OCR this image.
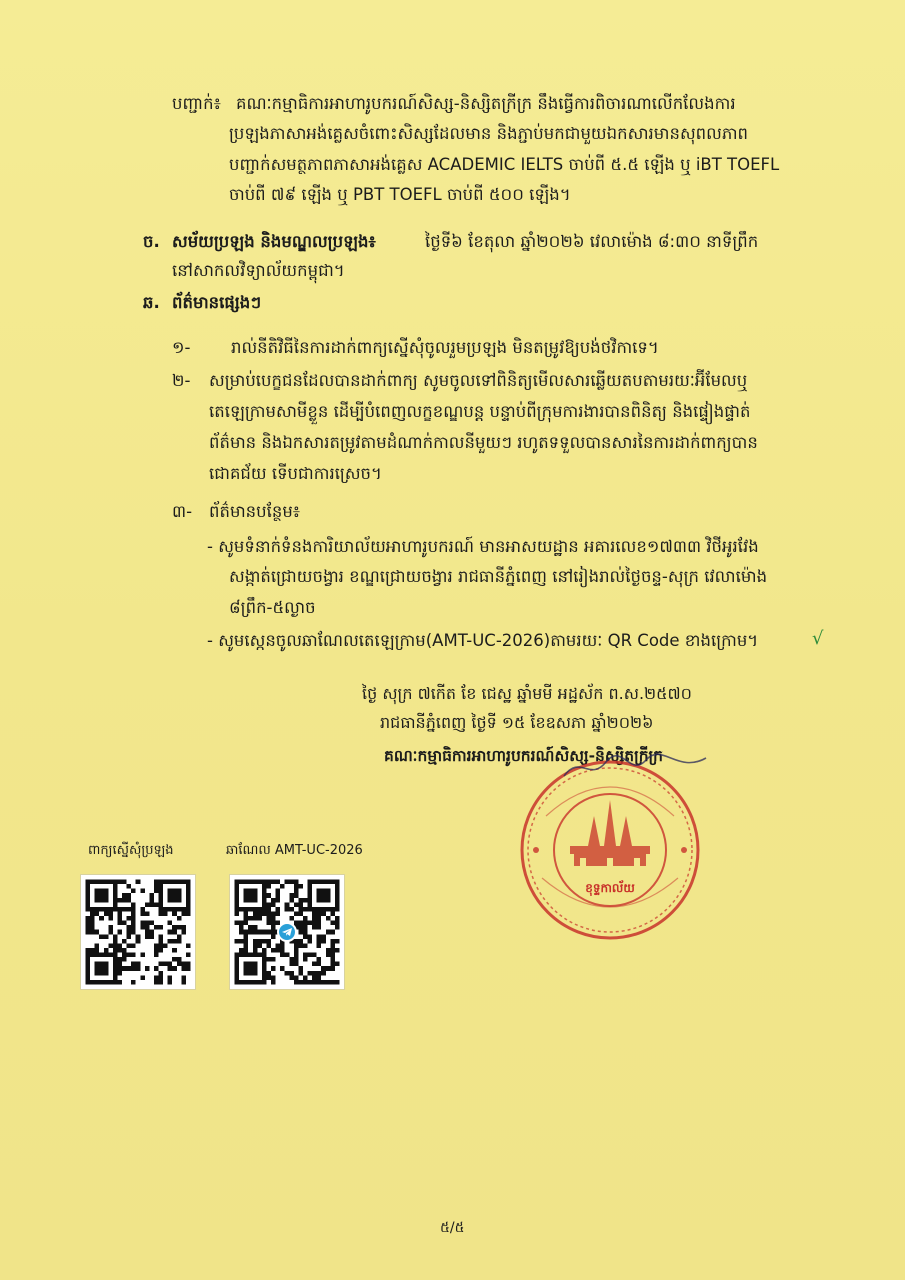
បញ្ជាក់៖ គណៈកម្មាធិការអាហារូបករណ៍សិស្ស-និស្សិតក្រីក្រ នឹងធ្វើការពិចារណាលើកលែងការ
ប្រឡងភាសាអង់គ្លេសចំពោះសិស្សដែលមាន និងភ្ជាប់មកជាមួយឯកសារមានសុពលភាព
បញ្ជាក់សមត្ថភាពភាសាអង់គ្លេស ACADEMIC IELTS ចាប់ពី ៥.៥ ឡើង ឬ iBT TOEFL
ចាប់ពី ៧៩ ឡើង ឬ PBT TOEFL ចាប់ពី ៥០០ ឡើង។
ច. សម័យប្រឡង និងមណ្ឌលប្រឡង៖	ថ្ងៃទី៦ ខែតុលា ឆ្នាំ២០២៦ វេលាម៉ោង ៨:៣០ នាទីព្រឹក
នៅសាកលវិទ្យាល័យកម្ពុជា។
ឆ. ព័ត៌មានផ្សេងៗ
១- រាល់នីតិវិធីនៃការដាក់ពាក្យស្នើសុំចូលរួមប្រឡង មិនតម្រូវឱ្យបង់ថវិកាទេ។
២- សម្រាប់បេក្ខជនដែលបានដាក់ពាក្យ សូមចូលទៅពិនិត្យមើលសារឆ្លើយតបតាមរយៈអ៊ីមែលឬ
តេឡេក្រាមសាមីខ្លួន ដើម្បីបំពេញលក្ខខណ្ឌបន្ត បន្ទាប់ពីក្រុមការងារបានពិនិត្យ និងផ្ទៀងផ្ទាត់
ព័ត៌មាន និងឯកសារតម្រូវតាមដំណាក់កាលនីមួយៗ រហូតទទួលបានសារនៃការដាក់ពាក្យបាន
ជោគជ័យ ទើបជាការស្រេច។
៣- ព័ត៌មានបន្ថែម៖
- សូមទំនាក់ទំនងការិយាល័យអាហារូបករណ៍ មានអាសយដ្ឋាន អគារលេខ១៧៣៣ វិថីអូរវែង
សង្កាត់ជ្រោយចង្វារ ខណ្ឌជ្រោយចង្វារ រាជធានីភ្នំពេញ នៅរៀងរាល់ថ្ងៃចន្ទ-សុក្រ វេលាម៉ោង
៨ព្រឹក-៥ល្ងាច
- សូមស្កេនចូលឆាណែលតេឡេក្រាម(AMT-UC-2026)តាមរយៈ QR Code ខាងក្រោម។	√
ថ្ងៃ សុក្រ ៧កើត ខែ ជេស្ឋ ឆ្នាំមមី អដ្ឋស័ក ព.ស.២៥៧០
រាជធានីភ្នំពេញ ថ្ងៃទី ១៥ ខែឧសភា ឆ្នាំ២០២៦
គណៈកម្មាធិការអាហារូបករណ៍សិស្ស-និស្សិតក្រីក្រ
ខុទ្ទកាល័យ
ពាក្យស្នើសុំប្រឡង	ឆាណែល AMT-UC-2026
៥/៥
